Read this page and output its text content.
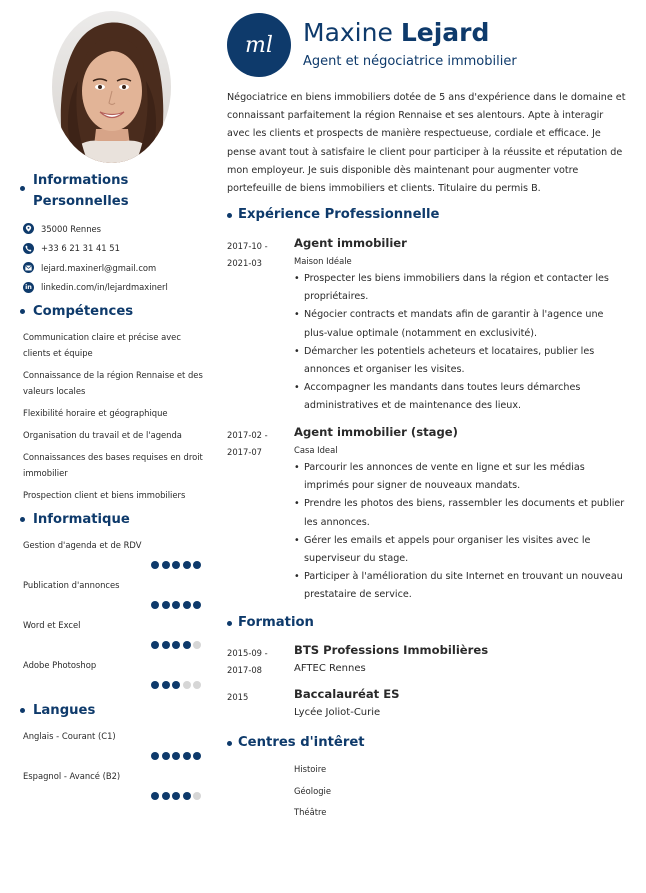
Informations
Personnelles
35000 Rennes
+33 6 21 31 41 51
lejard.maxinerl@gmail.com
in linkedin.com/in/lejardmaxinerl
Compétences
Communication claire et précise avec clients et équipe
Connaissance de la région Rennaise et des valeurs locales
Flexibilité horaire et géographique
Organisation du travail et de l'agenda
Connaissances des bases requises en droit immobilier
Prospection client et biens immobiliers
Informatique
Gestion d'agenda et de RDV
Publication d'annonces
Word et Excel
Adobe Photoshop
Langues
Anglais - Courant (C1)
Espagnol - Avancé (B2)
ml Maxine Lejard
Agent et négociatrice immobilier
Négociatrice en biens immobiliers dotée de 5 ans d'expérience dans le domaine et connaissant parfaitement la région Rennaise et ses alentours. Apte à interagir avec les clients et prospects de manière respectueuse, cordiale et efficace. Je pense avant tout à satisfaire le client pour participer à la réussite et réputation de mon employeur. Je suis disponible dès maintenant pour augmenter votre portefeuille de biens immobiliers et clients. Titulaire du permis B.
Expérience Professionnelle
2017-10 -
2021-03
Agent immobilier
Maison Idéale
• Prospecter les biens immobiliers dans la région et contacter les propriétaires.
• Négocier contracts et mandats afin de garantir à l'agence une plus-value optimale (notamment en exclusivité).
• Démarcher les potentiels acheteurs et locataires, publier les annonces et organiser les visites.
• Accompagner les mandants dans toutes leurs démarches administratives et de maintenance des lieux.
2017-02 -
2017-07
Agent immobilier (stage)
Casa Ideal
• Parcourir les annonces de vente en ligne et sur les médias imprimés pour signer de nouveaux mandats.
• Prendre les photos des biens, rassembler les documents et publier les annonces.
• Gérer les emails et appels pour organiser les visites avec le superviseur du stage.
• Participer à l'amélioration du site Internet en trouvant un nouveau prestataire de service.
Formation
2015-09 -
2017-08
BTS Professions Immobilières
AFTEC Rennes
2015	Baccalauréat ES
Lycée Joliot-Curie
Centres d'intêret
Histoire
Géologie
Théâtre
